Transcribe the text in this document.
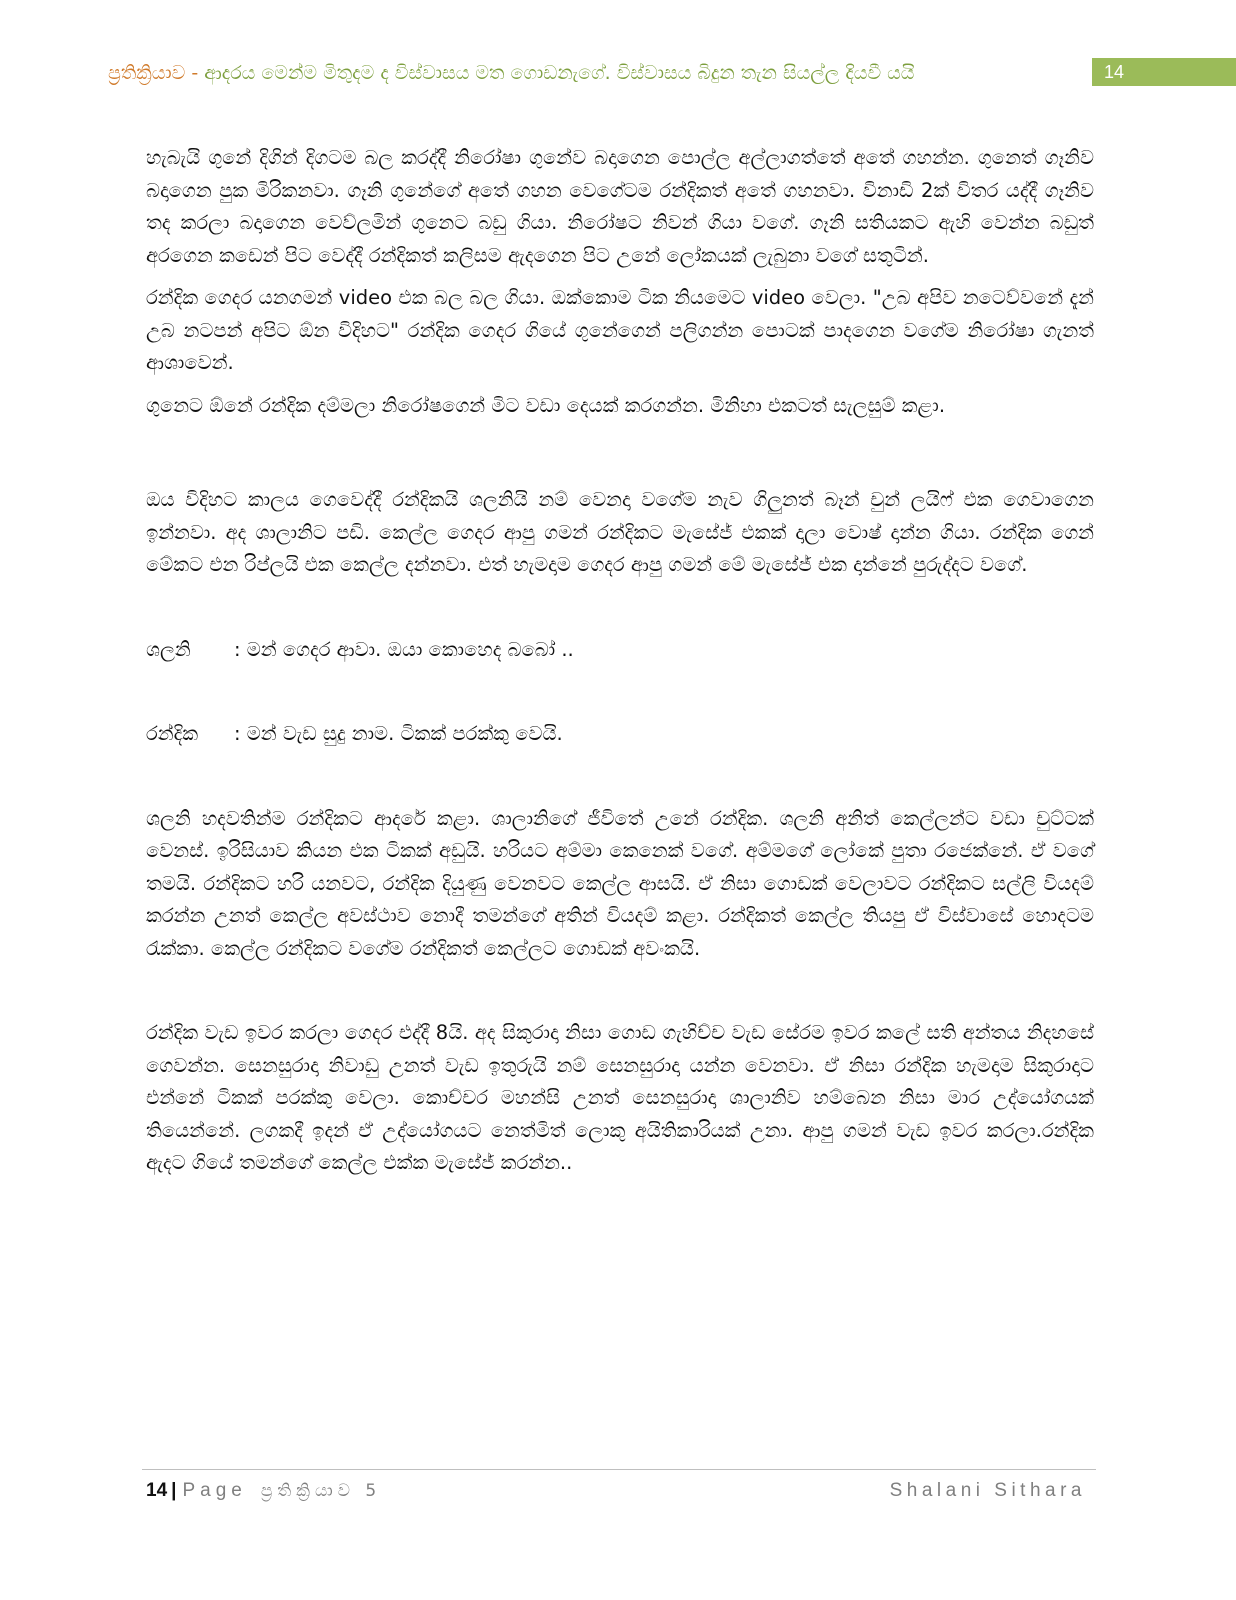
ප්‍රතික්‍රියාව - ආදරය මෙන්ම මිතුදම ද විස්වාසය මත ගොඩනැගේ. විස්වාසය බිදුන තැන සියල්ල දියවී යයි	14

හැබැයි ගුනේ දිගින් දිගටම බල කරද්දී නිරෝෂා ගුනේව බදාගෙන පොල්ල අල්ලාගත්තේ අතේ ගහන්න. ගුනෙත් ගෑනිව බදාගෙන පුක මිරිකනවා. ගෑනි ගුනේගේ අතේ ගහන වෙගේටම රන්දිකත් අතේ ගහනවා. විනාඩි 2ක් විතර යද්දී ගෑනිව තද කරලා බදාගෙන වෙව්ලමින් ගුනෙට බඩු ගියා. නිරෝෂට නිවන් ගියා වගේ. ගෑනි සතියකට ඇහි වෙන්න බඩුත් අරගෙන කඩෙන් පිට වෙද්දී රන්දිකත් කලිසම ඇදගෙන පිට උනේ ලෝකයක් ලැබුනා වගේ සතුටින්.

රන්දික ගෙදර යනගමන් video එක බල බල ගියා. ඔක්කොම ටික නියමෙට video වෙලා. "උබ අපිව නටෙව්වනේ දැන් උබ නටපන් අපිට ඕන විදිහට" රන්දික ගෙදර ගියේ ගුනේගෙන් පලිගන්න පොටක් පාදගෙන වගේම නිරෝෂා ගැනත් ආශාවෙන්.

ගුනෙට ඕනේ රන්දික දම්මලා නිරෝෂගෙන් මිට වඩා දෙයක් කරගන්න. මිනිහා එකටත් සැලසුම් කළා.

ඔය විදිහට කාලය ගෙවෙද්දී රන්දිකයි ශලනියි නම් වෙනදා වගේම නැව ගිලුනත් බෑන් චුන් ලයිෆ් එක ගෙවාගෙන ඉන්නවා. අද ශාලානිට පඩි. කෙල්ල ගෙදර ආපු ගමන් රන්දිකට මැසේජ් එකක් දාලා වොෂ් දාන්න ගියා. රන්දික ගෙන් මේකට එන රිප්ලයි එක කෙල්ල දන්නවා. එත් හැමදාම ගෙදර ආපු ගමන් මේ මැසේජ් එක දාන්නේ පුරුද්දට වගේ.

ශලනි : මන් ගෙදර ආවා. ඔයා කොහෙද බබෝ ..

රන්දික : මන් වැඩ සුදු නාම. ටිකක් පරක්කු වෙයි.

ශලනි හදවතින්ම රන්දිකට ආදරේ කළා. ශාලානිගේ ජීවිතේ උනේ රන්දික. ශලනි අනිත් කෙල්ලන්ට වඩා චුට්ටක් වෙනස්. ඉරිසියාව කියන එක ටිකක් අඩුයි. හරියට අම්මා කෙනෙක් වගේ. අම්මගේ ලෝකේ පුතා රජෙක්නේ. ඒ වගේ තමයි. රන්දිකට හරි යනවට, රන්දික දියුණු වෙනවට කෙල්ල ආසයි. ඒ නිසා ගොඩක් වෙලාවට රන්දිකට සල්ලි වියදම් කරන්න උනත් කෙල්ල අවස්ථාව නොදී තමන්ගේ අතින් වියදම් කළා. රන්දිකත් කෙල්ල තියපු ඒ විස්වාසේ හොදටම රැක්කා. කෙල්ල රන්දිකට වගේම රන්දිකත් කෙල්ලට ගොඩක් අවංකයි.

රන්දික වැඩ ඉවර කරලා ගෙදර එද්දී 8යි. අද සිකුරාදා නිසා ගොඩ ගැහිච්ච වැඩ සේරම ඉවර කලේ සති අන්තය නිදහසේ ගෙවන්න. සෙනසුරාදා නිවාඩු උනත් වැඩ ඉතුරුයි නම් සෙනසුරාදා යන්න වෙනවා. ඒ නිසා රන්දික හැමදාම සිකුරාදාට එන්නේ ටිකක් පරක්කු වෙලා. කොච්චර මහන්සි උනත් සෙනසුරාදා ශාලානිව හම්බෙන නිසා මාර උද්යෝගයක් තියෙන්නේ. ලගකදී ඉදන් ඒ උද්යෝගයට නෙත්මිත් ලොකු අයිතිකාරියක් උනා. ආපු ගමන් වැඩ ඉවර කරලා.රන්දික ඇදට ගියේ තමන්ගේ කෙල්ල එක්ක මැසේජ් කරන්න..

14 | Page ප්‍රතික්‍රියාව 5	Shalani Sithara
